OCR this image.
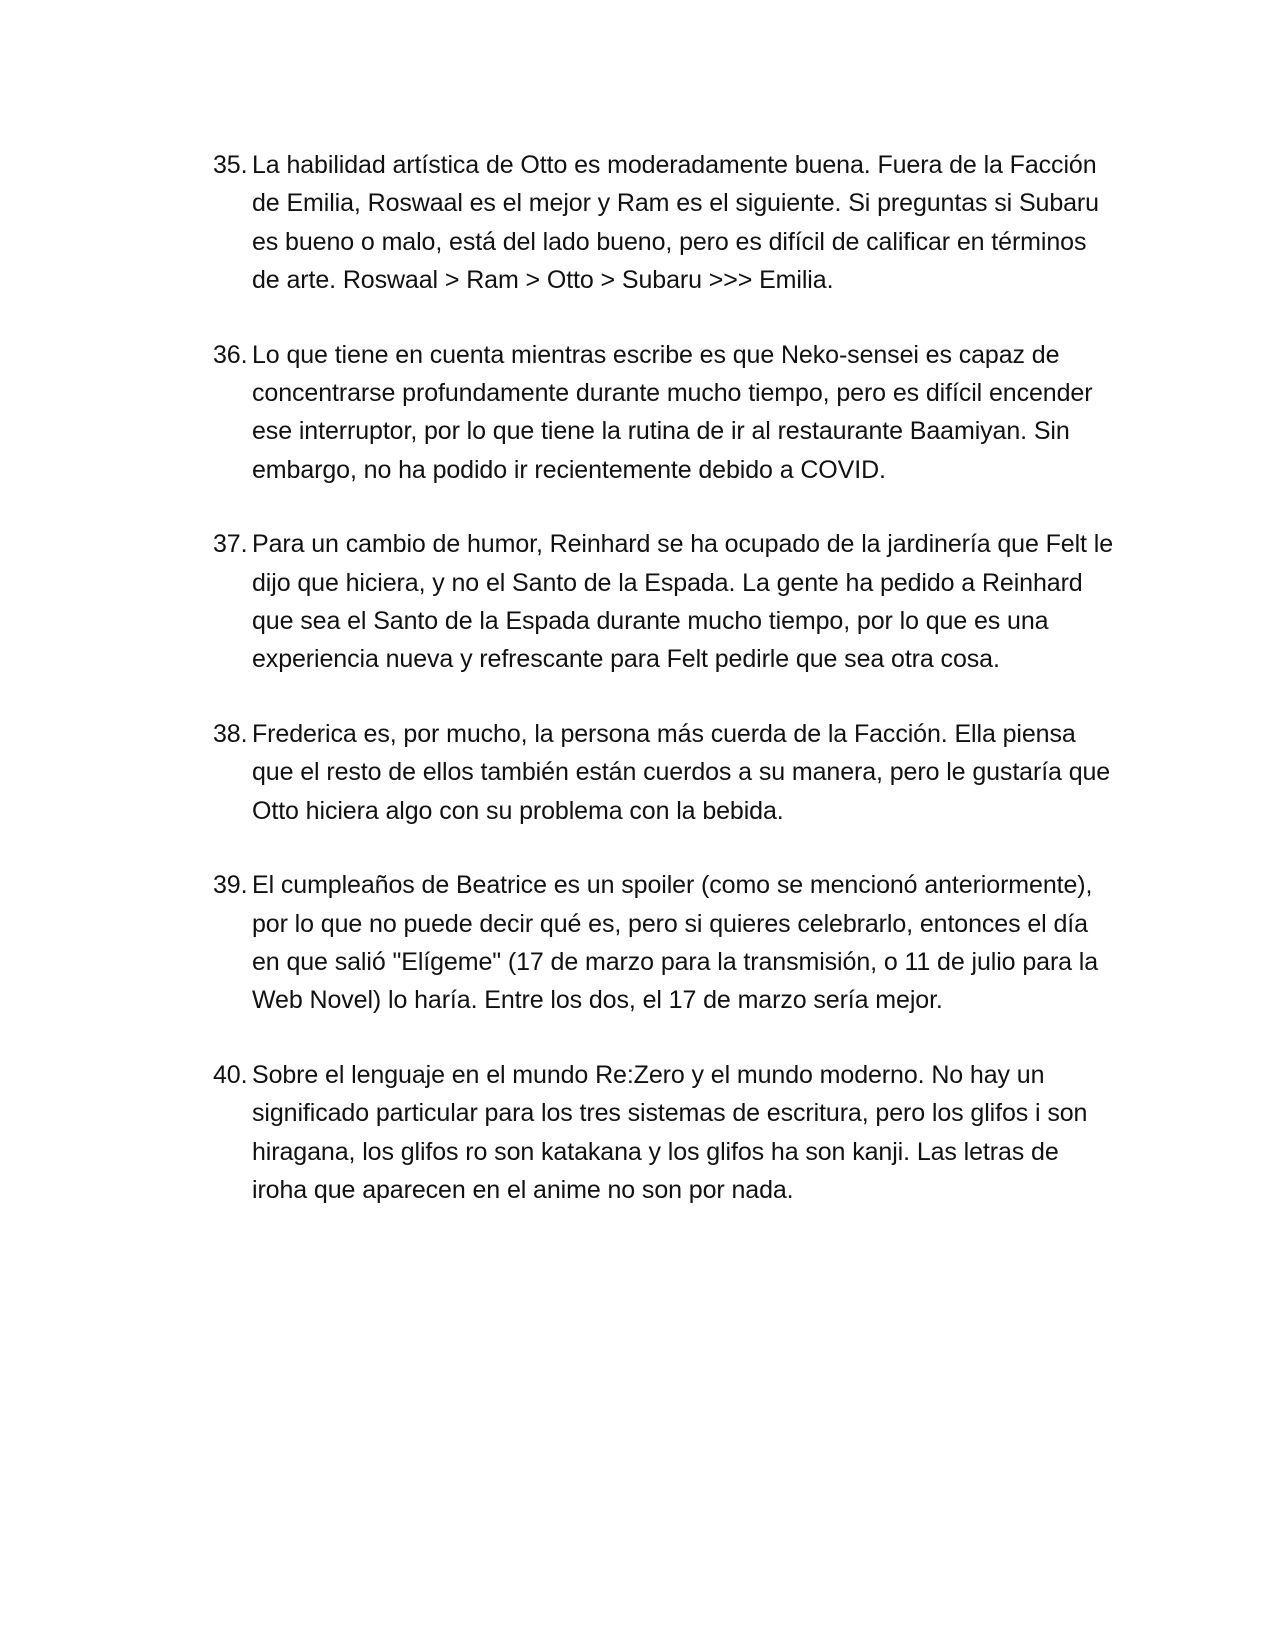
35. La habilidad artística de Otto es moderadamente buena. Fuera de la Facción de Emilia, Roswaal es el mejor y Ram es el siguiente. Si preguntas si Subaru es bueno o malo, está del lado bueno, pero es difícil de calificar en términos de arte. Roswaal > Ram > Otto > Subaru >>> Emilia.
36. Lo que tiene en cuenta mientras escribe es que Neko-sensei es capaz de concentrarse profundamente durante mucho tiempo, pero es difícil encender ese interruptor, por lo que tiene la rutina de ir al restaurante Baamiyan. Sin embargo, no ha podido ir recientemente debido a COVID.
37. Para un cambio de humor, Reinhard se ha ocupado de la jardinería que Felt le dijo que hiciera, y no el Santo de la Espada. La gente ha pedido a Reinhard que sea el Santo de la Espada durante mucho tiempo, por lo que es una experiencia nueva y refrescante para Felt pedirle que sea otra cosa.
38. Frederica es, por mucho, la persona más cuerda de la Facción. Ella piensa que el resto de ellos también están cuerdos a su manera, pero le gustaría que Otto hiciera algo con su problema con la bebida.
39. El cumpleaños de Beatrice es un spoiler (como se mencionó anteriormente), por lo que no puede decir qué es, pero si quieres celebrarlo, entonces el día en que salió "Elígeme" (17 de marzo para la transmisión, o 11 de julio para la Web Novel) lo haría. Entre los dos, el 17 de marzo sería mejor.
40. Sobre el lenguaje en el mundo Re:Zero y el mundo moderno. No hay un significado particular para los tres sistemas de escritura, pero los glifos i son hiragana, los glifos ro son katakana y los glifos ha son kanji. Las letras de iroha que aparecen en el anime no son por nada.
